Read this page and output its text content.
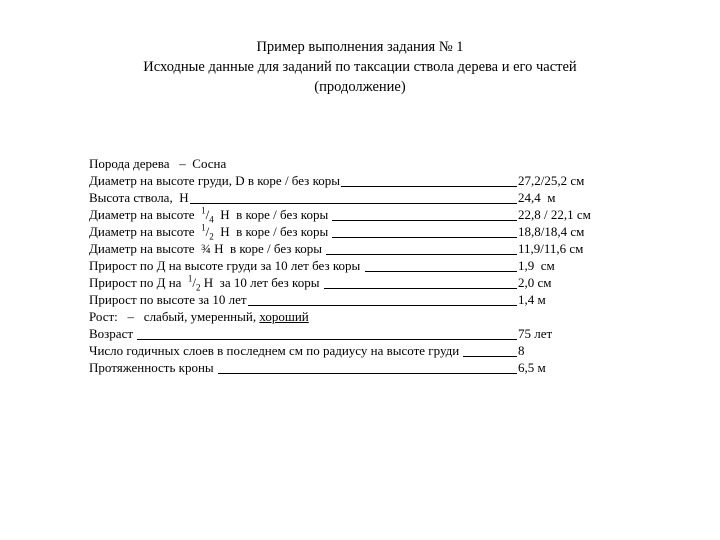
Пример выполнения задания № 1
Исходные данные для заданий по таксации ствола дерева и его частей
(продолжение)
Порода дерева   –  Сосна
Диаметр на высоте груди, D в коре / без коры	27,2/25,2 см
Высота ствола,  Н	24,4  м
Диаметр на высоте  $^1/_4$  Н  в коре / без коры	22,8 / 22,1 см
Диаметр на высоте  $^1/_2$  Н  в коре / без коры	18,8/18,4 см
Диаметр на высоте  ¾ Н  в коре / без коры	11,9/11,6 см
Прирост по Д на высоте груди за 10 лет без коры	1,9  см
Прирост по Д на  $^1/_2$ Н  за 10 лет без коры	2,0 см
Прирост по высоте за 10 лет	1,4 м
Рост:   –   слабый, умеренный, хороший
Возраст	75 лет
Число годичных слоев в последнем см по радиусу на высоте груди	8
Протяженность кроны	6,5 м
